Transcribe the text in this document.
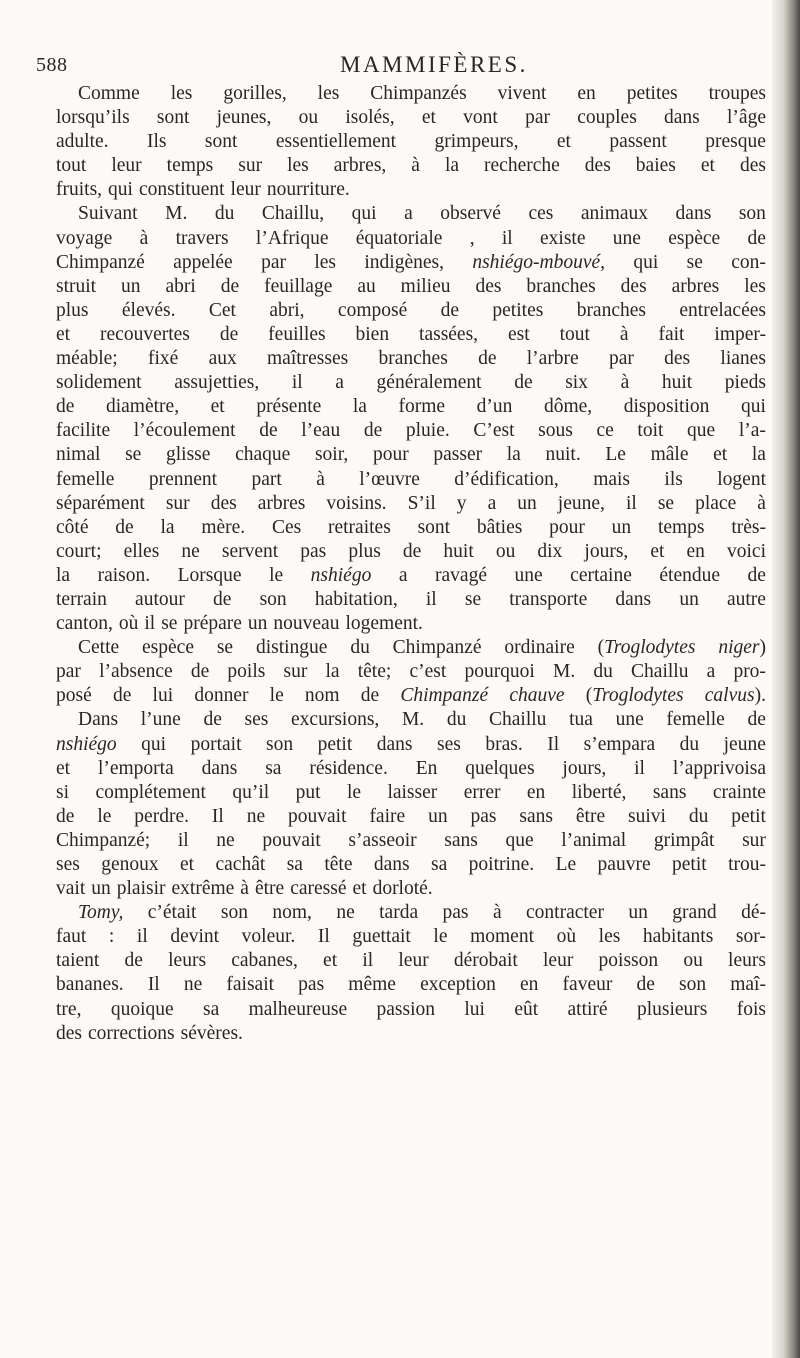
588	MAMMIFÈRES.
Comme les gorilles, les Chimpanzés vivent en petites troupes
lorsqu’ils sont jeunes, ou isolés, et vont par couples dans l’âge
adulte. Ils sont essentiellement grimpeurs, et passent presque
tout leur temps sur les arbres, à la recherche des baies et des
fruits, qui constituent leur nourriture.
Suivant M. du Chaillu, qui a observé ces animaux dans son
voyage à travers l’Afrique équatoriale , il existe une espèce de
Chimpanzé appelée par les indigènes, nshiégo-mbouvé, qui se con-
struit un abri de feuillage au milieu des branches des arbres les
plus élevés. Cet abri, composé de petites branches entrelacées
et recouvertes de feuilles bien tassées, est tout à fait imper-
méable; fixé aux maîtresses branches de l’arbre par des lianes
solidement assujetties, il a généralement de six à huit pieds
de diamètre, et présente la forme d’un dôme, disposition qui
facilite l’écoulement de l’eau de pluie. C’est sous ce toit que l’a-
nimal se glisse chaque soir, pour passer la nuit. Le mâle et la
femelle prennent part à l’œuvre d’édification, mais ils logent
séparément sur des arbres voisins. S’il y a un jeune, il se place à
côté de la mère. Ces retraites sont bâties pour un temps très-
court; elles ne servent pas plus de huit ou dix jours, et en voici
la raison. Lorsque le nshiégo a ravagé une certaine étendue de
terrain autour de son habitation, il se transporte dans un autre
canton, où il se prépare un nouveau logement.
Cette espèce se distingue du Chimpanzé ordinaire (Troglodytes niger)
par l’absence de poils sur la tête; c’est pourquoi M. du Chaillu a pro-
posé de lui donner le nom de Chimpanzé chauve (Troglodytes calvus).
Dans l’une de ses excursions, M. du Chaillu tua une femelle de
nshiégo qui portait son petit dans ses bras. Il s’empara du jeune
et l’emporta dans sa résidence. En quelques jours, il l’apprivoisa
si complétement qu’il put le laisser errer en liberté, sans crainte
de le perdre. Il ne pouvait faire un pas sans être suivi du petit
Chimpanzé; il ne pouvait s’asseoir sans que l’animal grimpât sur
ses genoux et cachât sa tête dans sa poitrine. Le pauvre petit trou-
vait un plaisir extrême à être caressé et dorloté.
Tomy, c’était son nom, ne tarda pas à contracter un grand dé-
faut : il devint voleur. Il guettait le moment où les habitants sor-
taient de leurs cabanes, et il leur dérobait leur poisson ou leurs
bananes. Il ne faisait pas même exception en faveur de son maî-
tre, quoique sa malheureuse passion lui eût attiré plusieurs fois
des corrections sévères.
